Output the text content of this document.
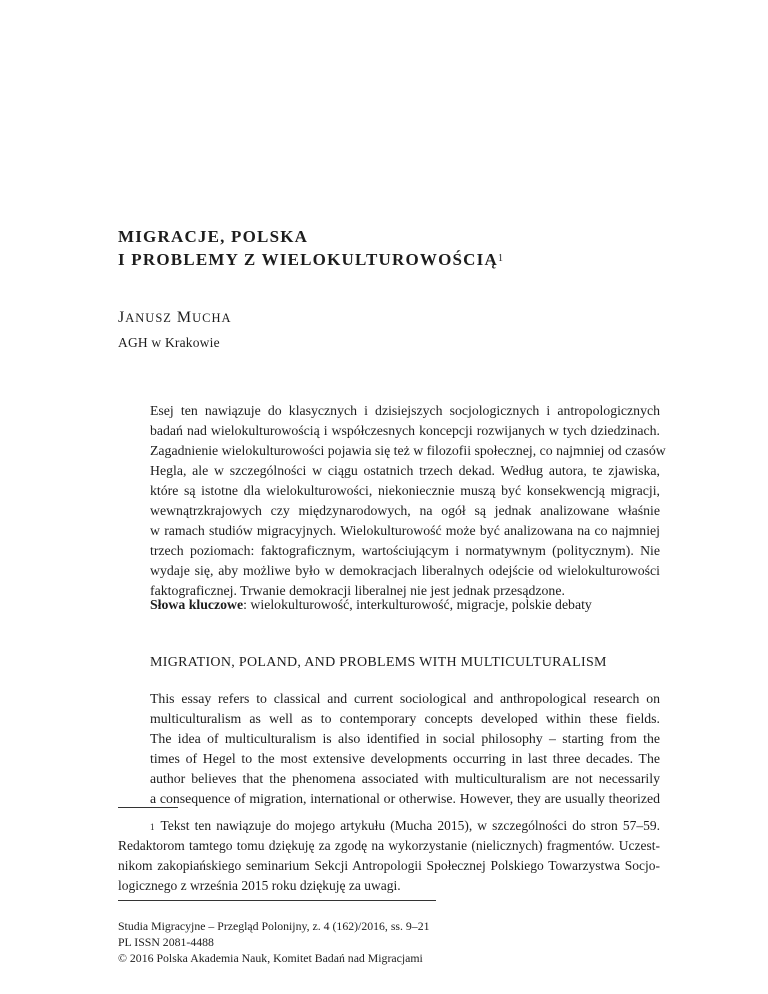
MIGRACJE, POLSKA
I PROBLEMY Z WIELOKULTUROWOŚCIĄ$^1$
JANUSZ MUCHA
AGH w Krakowie
Esej ten nawiązuje do klasycznych i dzisiejszych socjologicznych i antropologicznych
badań nad wielokulturowością i współczesnych koncepcji rozwijanych w tych dziedzinach.
Zagadnienie wielokulturowości pojawia się też w filozofii społecznej, co najmniej od czasów
Hegla, ale w szczególności w ciągu ostatnich trzech dekad. Według autora, te zjawiska,
które są istotne dla wielokulturowości, niekoniecznie muszą być konsekwencją migracji,
wewnątrzkrajowych czy międzynarodowych, na ogół są jednak analizowane właśnie
w ramach studiów migracyjnych. Wielokulturowość może być analizowana na co najmniej
trzech poziomach: faktograficznym, wartościującym i normatywnym (politycznym). Nie
wydaje się, aby możliwe było w demokracjach liberalnych odejście od wielokulturowości
faktograficznej. Trwanie demokracji liberalnej nie jest jednak przesądzone.
Słowa kluczowe: wielokulturowość, interkulturowość, migracje, polskie debaty
MIGRATION, POLAND, AND PROBLEMS WITH MULTICULTURALISM
This essay refers to classical and current sociological and anthropological research on
multiculturalism as well as to contemporary concepts developed within these fields.
The idea of multiculturalism is also identified in social philosophy – starting from the
times of Hegel to the most extensive developments occurring in last three decades. The
author believes that the phenomena associated with multiculturalism are not necessarily
a consequence of migration, international or otherwise. However, they are usually theorized
$^1$ Tekst ten nawiązuje do mojego artykułu (Mucha 2015), w szczególności do stron 57–59.
Redaktorom tamtego tomu dziękuję za zgodę na wykorzystanie (nielicznych) fragmentów. Uczest-
nikom zakopiańskiego seminarium Sekcji Antropologii Społecznej Polskiego Towarzystwa Socjo-
logicznego z września 2015 roku dziękuję za uwagi.
Studia Migracyjne – Przegląd Polonijny, z. 4 (162)/2016, ss. 9–21
PL ISSN 2081-4488
© 2016 Polska Akademia Nauk, Komitet Badań nad Migracjami
